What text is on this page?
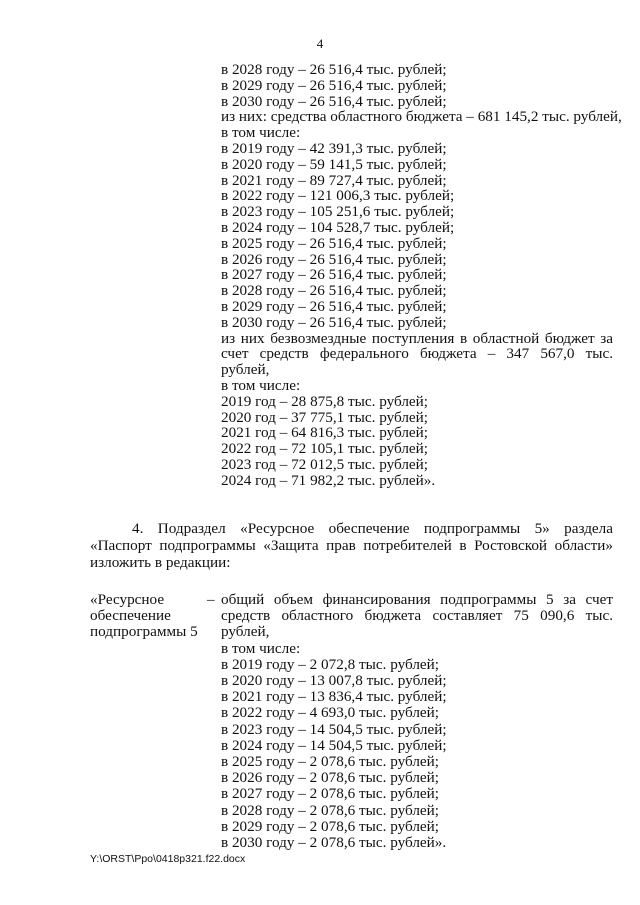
4
в 2028 году – 26 516,4 тыс. рублей;
в 2029 году – 26 516,4 тыс. рублей;
в 2030 году – 26 516,4 тыс. рублей;
из них: средства областного бюджета – 681 145,2 тыс. рублей,
в том числе:
в 2019 году – 42 391,3 тыс. рублей;
в 2020 году – 59 141,5 тыс. рублей;
в 2021 году – 89 727,4 тыс. рублей;
в 2022 году – 121 006,3 тыс. рублей;
в 2023 году – 105 251,6 тыс. рублей;
в 2024 году – 104 528,7 тыс. рублей;
в 2025 году – 26 516,4 тыс. рублей;
в 2026 году – 26 516,4 тыс. рублей;
в 2027 году – 26 516,4 тыс. рублей;
в 2028 году – 26 516,4 тыс. рублей;
в 2029 году – 26 516,4 тыс. рублей;
в 2030 году – 26 516,4 тыс. рублей;
из них безвозмездные поступления в областной бюджет за счет средств федерального бюджета – 347 567,0 тыс. рублей,
в том числе:
2019 год – 28 875,8 тыс. рублей;
2020 год – 37 775,1 тыс. рублей;
2021 год – 64 816,3 тыс. рублей;
2022 год – 72 105,1 тыс. рублей;
2023 год – 72 012,5 тыс. рублей;
2024 год – 71 982,2 тыс. рублей».
4. Подраздел «Ресурсное обеспечение подпрограммы 5» раздела «Паспорт подпрограммы «Защита прав потребителей в Ростовской области» изложить в редакции:
«Ресурсное
обеспечение
подпрограммы 5
– общий объем финансирования подпрограммы 5 за счет средств областного бюджета составляет 75 090,6 тыс. рублей,
в том числе:
в 2019 году – 2 072,8 тыс. рублей;
в 2020 году – 13 007,8 тыс. рублей;
в 2021 году – 13 836,4 тыс. рублей;
в 2022 году – 4 693,0 тыс. рублей;
в 2023 году – 14 504,5 тыс. рублей;
в 2024 году – 14 504,5 тыс. рублей;
в 2025 году – 2 078,6 тыс. рублей;
в 2026 году – 2 078,6 тыс. рублей;
в 2027 году – 2 078,6 тыс. рублей;
в 2028 году – 2 078,6 тыс. рублей;
в 2029 году – 2 078,6 тыс. рублей;
в 2030 году – 2 078,6 тыс. рублей».
Y:\ORST\Ppo\0418p321.f22.docx
